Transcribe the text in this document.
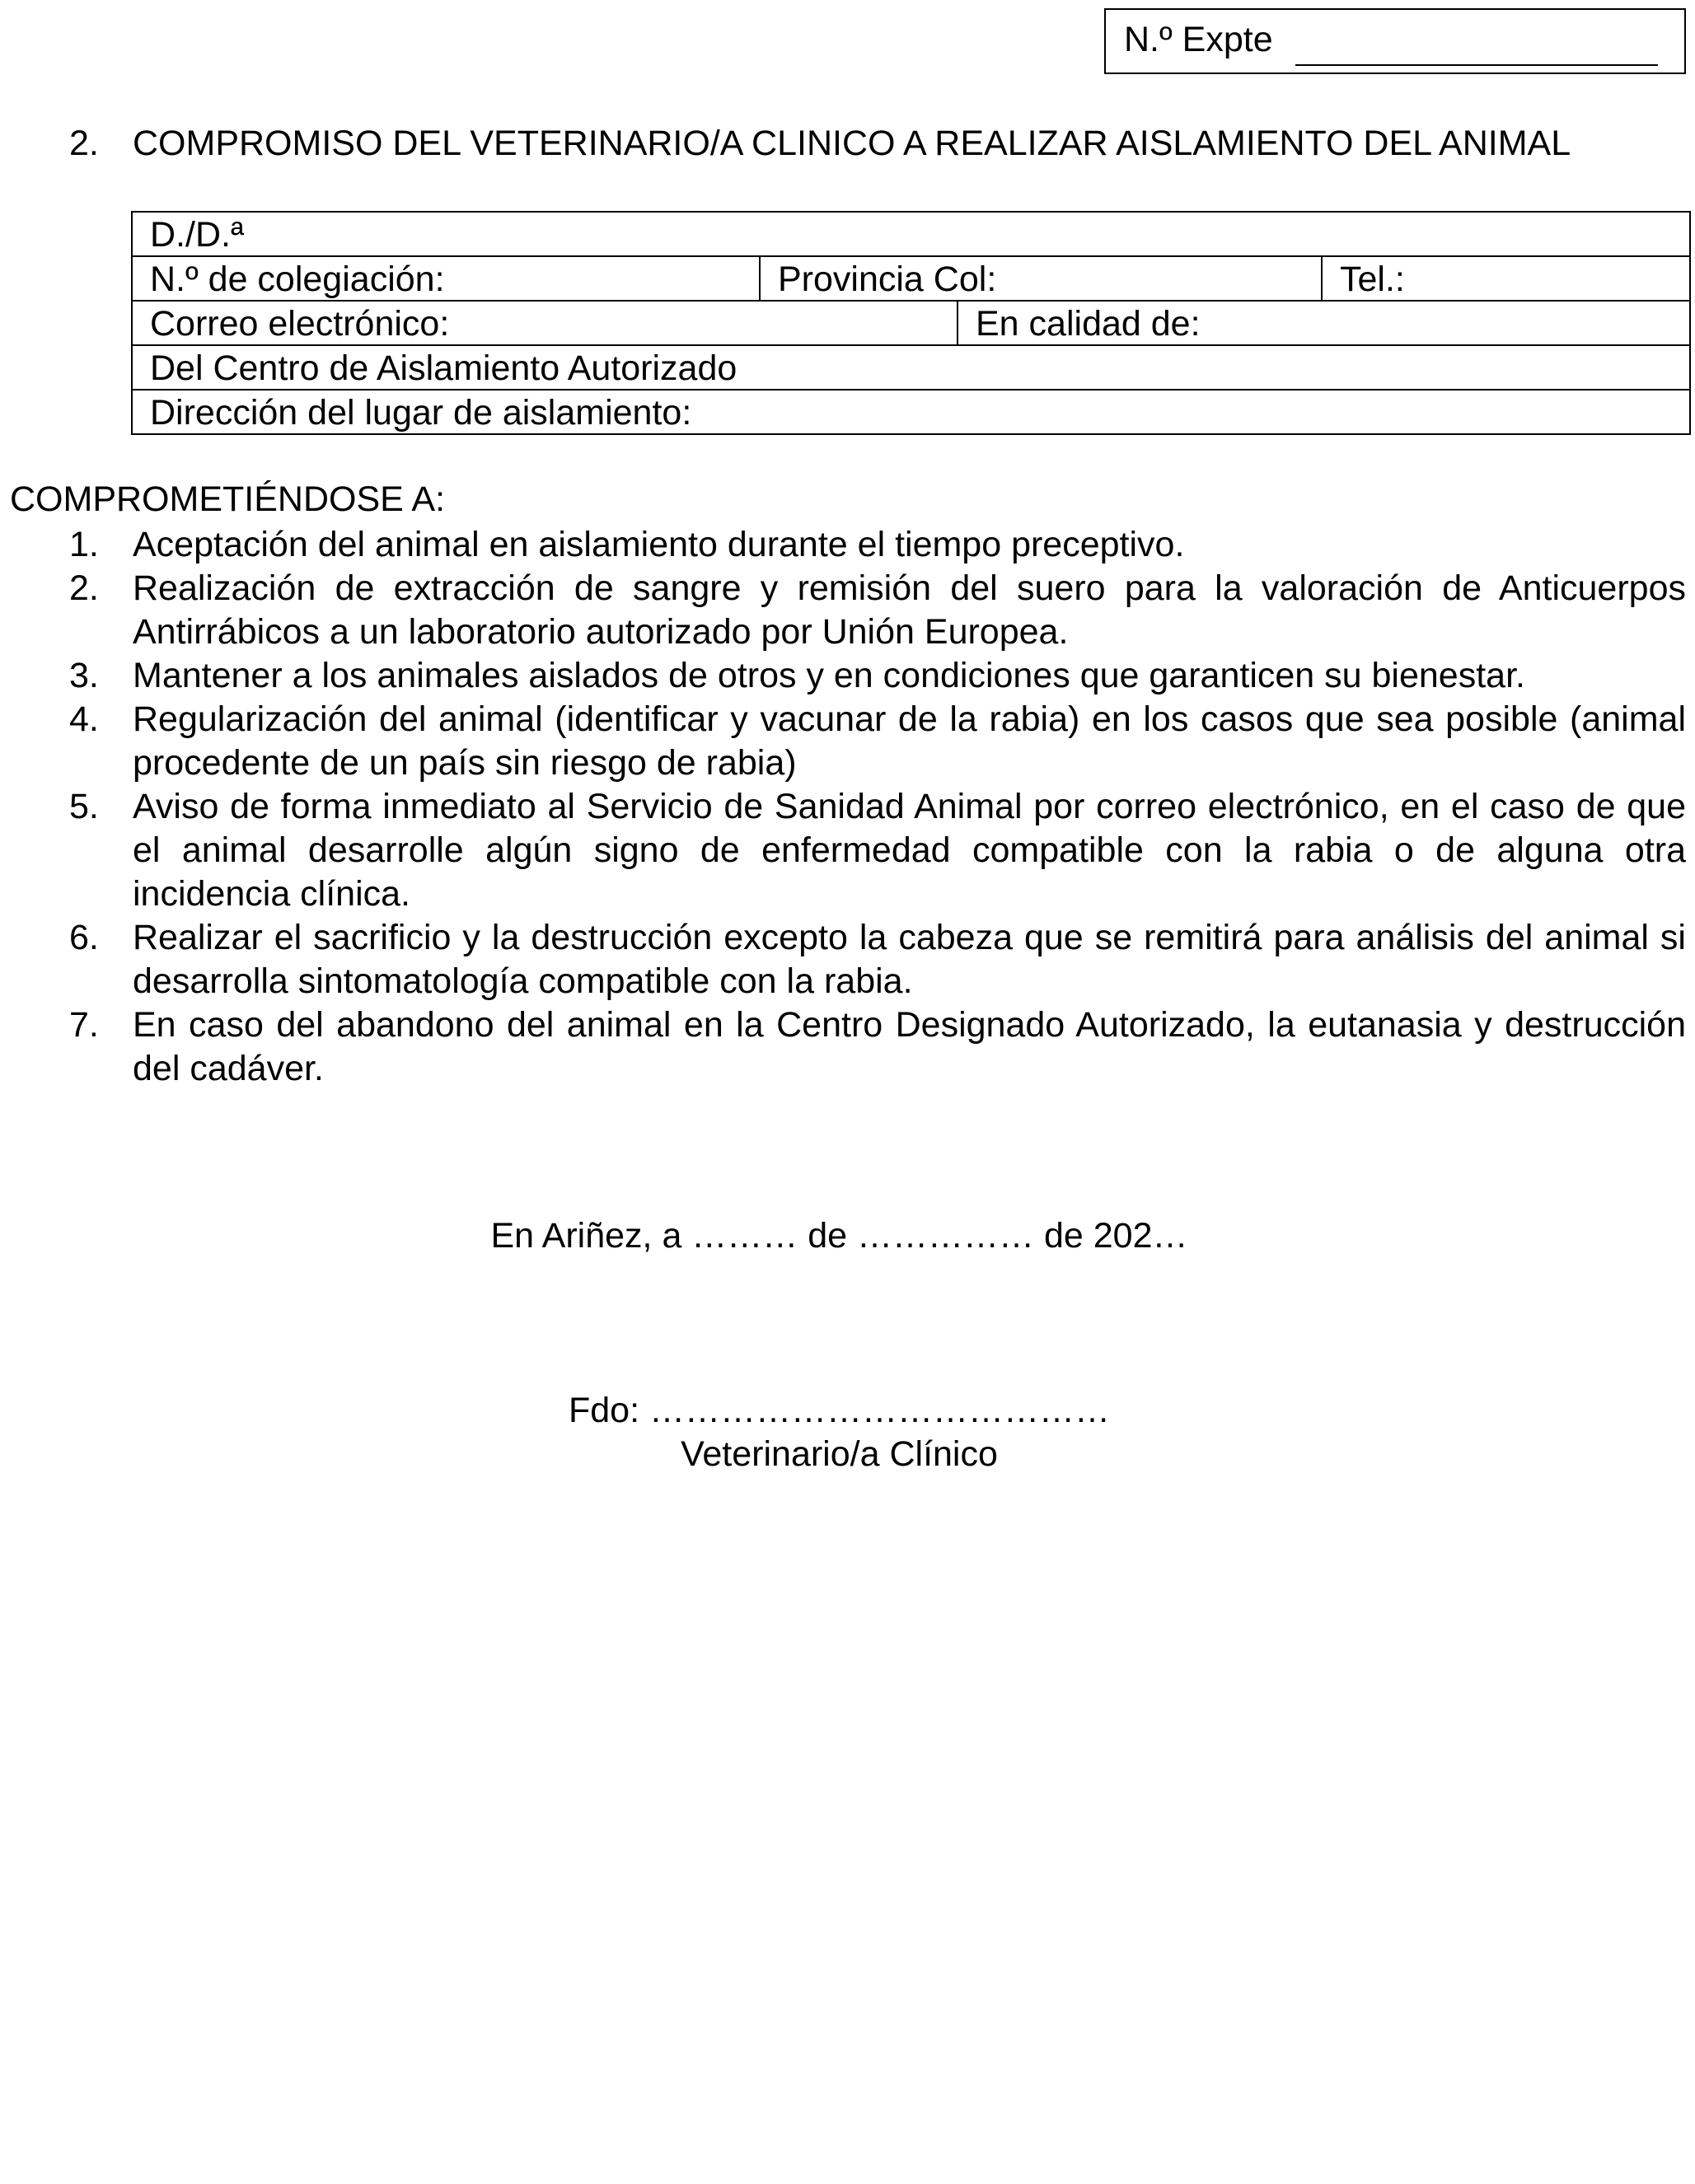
N.º Expte
2. COMPROMISO DEL VETERINARIO/A CLINICO A REALIZAR AISLAMIENTO DEL ANIMAL
D./D.ª
N.º de colegiación:	Provincia Col:	Tel.:
Correo electrónico:	En calidad de:
Del Centro de Aislamiento Autorizado
Dirección del lugar de aislamiento:
COMPROMETIÉNDOSE A:
1. Aceptación del animal en aislamiento durante el tiempo preceptivo.
2. Realización de extracción de sangre y remisión del suero para la valoración de Anticuerpos Antirrábicos a un laboratorio autorizado por Unión Europea.
3. Mantener a los animales aislados de otros y en condiciones que garanticen su bienestar.
4. Regularización del animal (identificar y vacunar de la rabia) en los casos que sea posible (animal procedente de un país sin riesgo de rabia)
5. Aviso de forma inmediato al Servicio de Sanidad Animal por correo electrónico, en el caso de que el animal desarrolle algún signo de enfermedad compatible con la rabia o de alguna otra incidencia clínica.
6. Realizar el sacrificio y la destrucción excepto la cabeza que se remitirá para análisis del animal si desarrolla sintomatología compatible con la rabia.
7. En caso del abandono del animal en la Centro Designado Autorizado, la eutanasia y destrucción del cadáver.
En Ariñez, a ……… de …………… de 202…
Fdo: …………………………………
Veterinario/a Clínico
